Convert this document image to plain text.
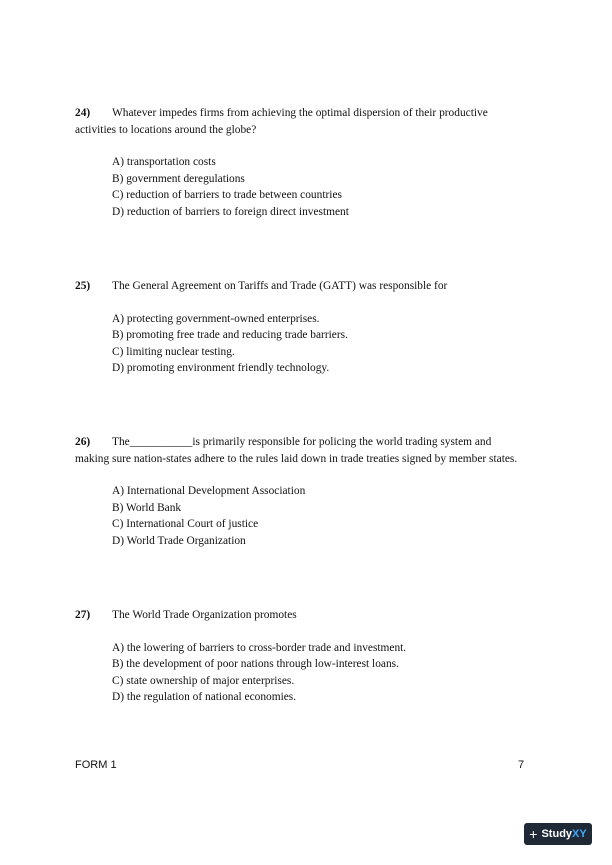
24) Whatever impedes firms from achieving the optimal dispersion of their productive
activities to locations around the globe?
A) transportation costs
B) government deregulations
C) reduction of barriers to trade between countries
D) reduction of barriers to foreign direct investment
25) The General Agreement on Tariffs and Trade (GATT) was responsible for
A) protecting government-owned enterprises.
B) promoting free trade and reducing trade barriers.
C) limiting nuclear testing.
D) promoting environment friendly technology.
26) The___________is primarily responsible for policing the world trading system and
making sure nation-states adhere to the rules laid down in trade treaties signed by member states.
A) International Development Association
B) World Bank
C) International Court of justice
D) World Trade Organization
27) The World Trade Organization promotes
A) the lowering of barriers to cross-border trade and investment.
B) the development of poor nations through low-interest loans.
C) state ownership of major enterprises.
D) the regulation of national economies.
FORM 1	7
+ StudyXY
